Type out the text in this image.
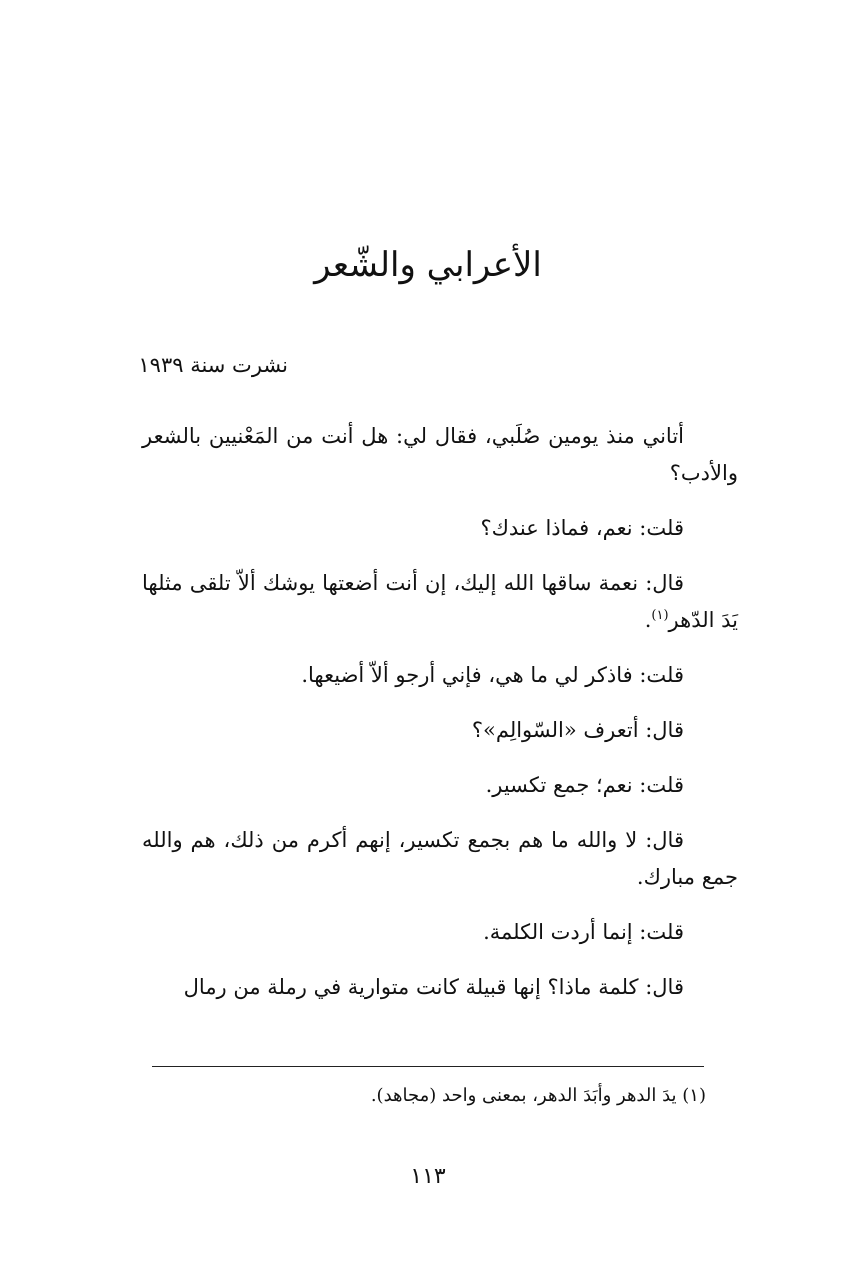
الأعرابي والشّعر
نشرت سنة ١٩٣٩

أتاني منذ يومين صُلَبي، فقال لي: هل أنت من المَعْنيين بالشعر والأدب؟

قلت: نعم، فماذا عندك؟

قال: نعمة ساقها الله إليك، إن أنت أضعتها يوشك ألاّ تلقى مثلها يَدَ الدّهر$^{(١)}$.

قلت: فاذكر لي ما هي، فإني أرجو ألاّ أضيعها.

قال: أتعرف «السّوالِم»؟

قلت: نعم؛ جمع تكسير.

قال: لا والله ما هم بجمع تكسير، إنهم أكرم من ذلك، هم والله جمع مبارك.

قلت: إنما أردت الكلمة.

قال: كلمة ماذا؟ إنها قبيلة كانت متوارية في رملة من رمال

(١) يدَ الدهر وأبَدَ الدهر، بمعنى واحد (مجاهد).
١١٣
